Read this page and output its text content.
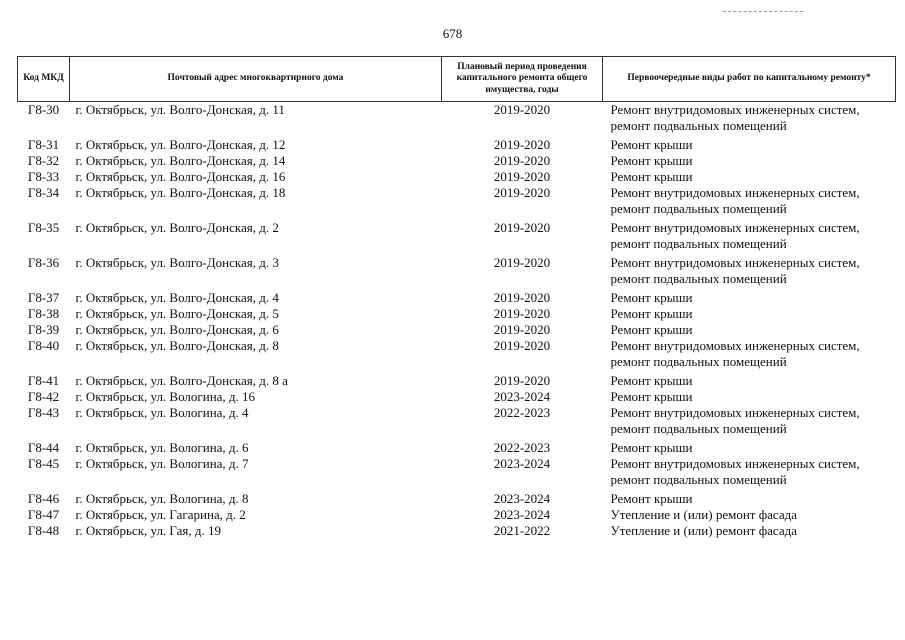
678
Код МКД	Почтовый адрес многоквартирного дома	Плановый период проведения капитального ремонта общего имущества, годы	Первоочередные виды работ по капитальному ремонту*
Г8-30	г. Октябрьск, ул. Волго-Донская, д. 11	2019-2020	Ремонт внутридомовых инженерных систем, ремонт подвальных помещений
Г8-31	г. Октябрьск, ул. Волго-Донская, д. 12	2019-2020	Ремонт крыши
Г8-32	г. Октябрьск, ул. Волго-Донская, д. 14	2019-2020	Ремонт крыши
Г8-33	г. Октябрьск, ул. Волго-Донская, д. 16	2019-2020	Ремонт крыши
Г8-34	г. Октябрьск, ул. Волго-Донская, д. 18	2019-2020	Ремонт внутридомовых инженерных систем, ремонт подвальных помещений
Г8-35	г. Октябрьск, ул. Волго-Донская, д. 2	2019-2020	Ремонт внутридомовых инженерных систем, ремонт подвальных помещений
Г8-36	г. Октябрьск, ул. Волго-Донская, д. 3	2019-2020	Ремонт внутридомовых инженерных систем, ремонт подвальных помещений
Г8-37	г. Октябрьск, ул. Волго-Донская, д. 4	2019-2020	Ремонт крыши
Г8-38	г. Октябрьск, ул. Волго-Донская, д. 5	2019-2020	Ремонт крыши
Г8-39	г. Октябрьск, ул. Волго-Донская, д. 6	2019-2020	Ремонт крыши
Г8-40	г. Октябрьск, ул. Волго-Донская, д. 8	2019-2020	Ремонт внутридомовых инженерных систем, ремонт подвальных помещений
Г8-41	г. Октябрьск, ул. Волго-Донская, д. 8 а	2019-2020	Ремонт крыши
Г8-42	г. Октябрьск, ул. Вологина, д. 16	2023-2024	Ремонт крыши
Г8-43	г. Октябрьск, ул. Вологина, д. 4	2022-2023	Ремонт внутридомовых инженерных систем, ремонт подвальных помещений
Г8-44	г. Октябрьск, ул. Вологина, д. 6	2022-2023	Ремонт крыши
Г8-45	г. Октябрьск, ул. Вологина, д. 7	2023-2024	Ремонт внутридомовых инженерных систем, ремонт подвальных помещений
Г8-46	г. Октябрьск, ул. Вологина, д. 8	2023-2024	Ремонт крыши
Г8-47	г. Октябрьск, ул. Гагарина, д. 2	2023-2024	Утепление и (или) ремонт фасада
Г8-48	г. Октябрьск, ул. Гая, д. 19	2021-2022	Утепление и (или) ремонт фасада
